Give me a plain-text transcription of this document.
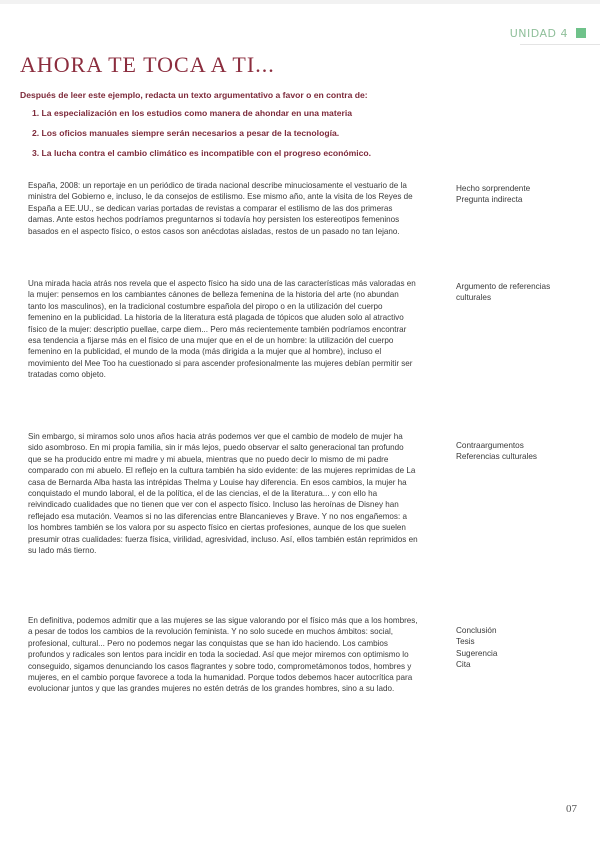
UNIDAD 4
AHORA TE TOCA A TI...

Después de leer este ejemplo, redacta un texto argumentativo a favor o en contra de:

1. La especialización en los estudios como manera de ahondar en una materia
2. Los oficios manuales siempre serán necesarios a pesar de la tecnología.
3. La lucha contra el cambio climático es incompatible con el progreso económico.

España, 2008: un reportaje en un periódico de tirada nacional describe minuciosamente el vestuario de la ministra del Gobierno e, incluso, le da consejos de estilismo. Ese mismo año, ante la visita de los Reyes de España a EE.UU., se dedican varias portadas de revistas a comparar el estilismo de las dos primeras damas. Ante estos hechos podríamos preguntarnos si todavía hoy persisten los estereotipos femeninos basados en el aspecto físico, o estos casos son anécdotas aisladas, restos de un pasado no tan lejano.

Una mirada hacia atrás nos revela que el aspecto físico ha sido una de las características más valoradas en la mujer: pensemos en los cambiantes cánones de belleza femenina de la historia del arte (no abundan tanto los masculinos), en la tradicional costumbre española del piropo o en la utilización del cuerpo femenino en la publicidad. La historia de la literatura está plagada de tópicos que aluden solo al atractivo físico de la mujer: descriptio puellae, carpe diem... Pero más recientemente también podríamos encontrar esa tendencia a fijarse más en el físico de una mujer que en el de un hombre: la utilización del cuerpo femenino en la publicidad, el mundo de la moda (más dirigida a la mujer que al hombre), incluso el movimiento del Mee Too ha cuestionado si para ascender profesionalmente las mujeres debían permitir ser tratadas como objeto.

Sin embargo, si miramos solo unos años hacia atrás podemos ver que el cambio de modelo de mujer ha sido asombroso. En mi propia familia, sin ir más lejos, puedo observar el salto generacional tan profundo que se ha producido entre mi madre y mi abuela, mientras que no puedo decir lo mismo de mi padre comparado con mi abuelo. El reflejo en la cultura también ha sido evidente: de las mujeres reprimidas de La casa de Bernarda Alba hasta las intrépidas Thelma y Louise hay diferencia. En esos cambios, la mujer ha conquistado el mundo laboral, el de la política, el de las ciencias, el de la literatura... y con ello ha reivindicado cualidades que no tienen que ver con el aspecto físico. Incluso las heroínas de Disney han reflejado esa mutación. Veamos si no las diferencias entre Blancanieves y Brave. Y no nos engañemos: a los hombres también se los valora por su aspecto físico en ciertas profesiones, aunque de los que suelen presumir otras cualidades: fuerza física, virilidad, agresividad, incluso. Así, ellos también están reprimidos en su lado más tierno.

En definitiva, podemos admitir que a las mujeres se las sigue valorando por el físico más que a los hombres, a pesar de todos los cambios de la revolución feminista. Y no solo sucede en muchos ámbitos: social, profesional, cultural... Pero no podemos negar las conquistas que se han ido haciendo. Los cambios profundos y radicales son lentos para incidir en toda la sociedad. Así que mejor miremos con optimismo lo conseguido, sigamos denunciando los casos flagrantes y sobre todo, comprometámonos todos, hombres y mujeres, en el cambio porque favorece a toda la humanidad. Porque todos debemos hacer autocrítica para evolucionar juntos y que las grandes mujeres no estén detrás de los grandes hombres, sino a su lado.

Hecho sorprendente
Pregunta indirecta
Argumento de referencias culturales
Contraargumentos
Referencias culturales
Conclusión
Tesis
Sugerencia
Cita
07
